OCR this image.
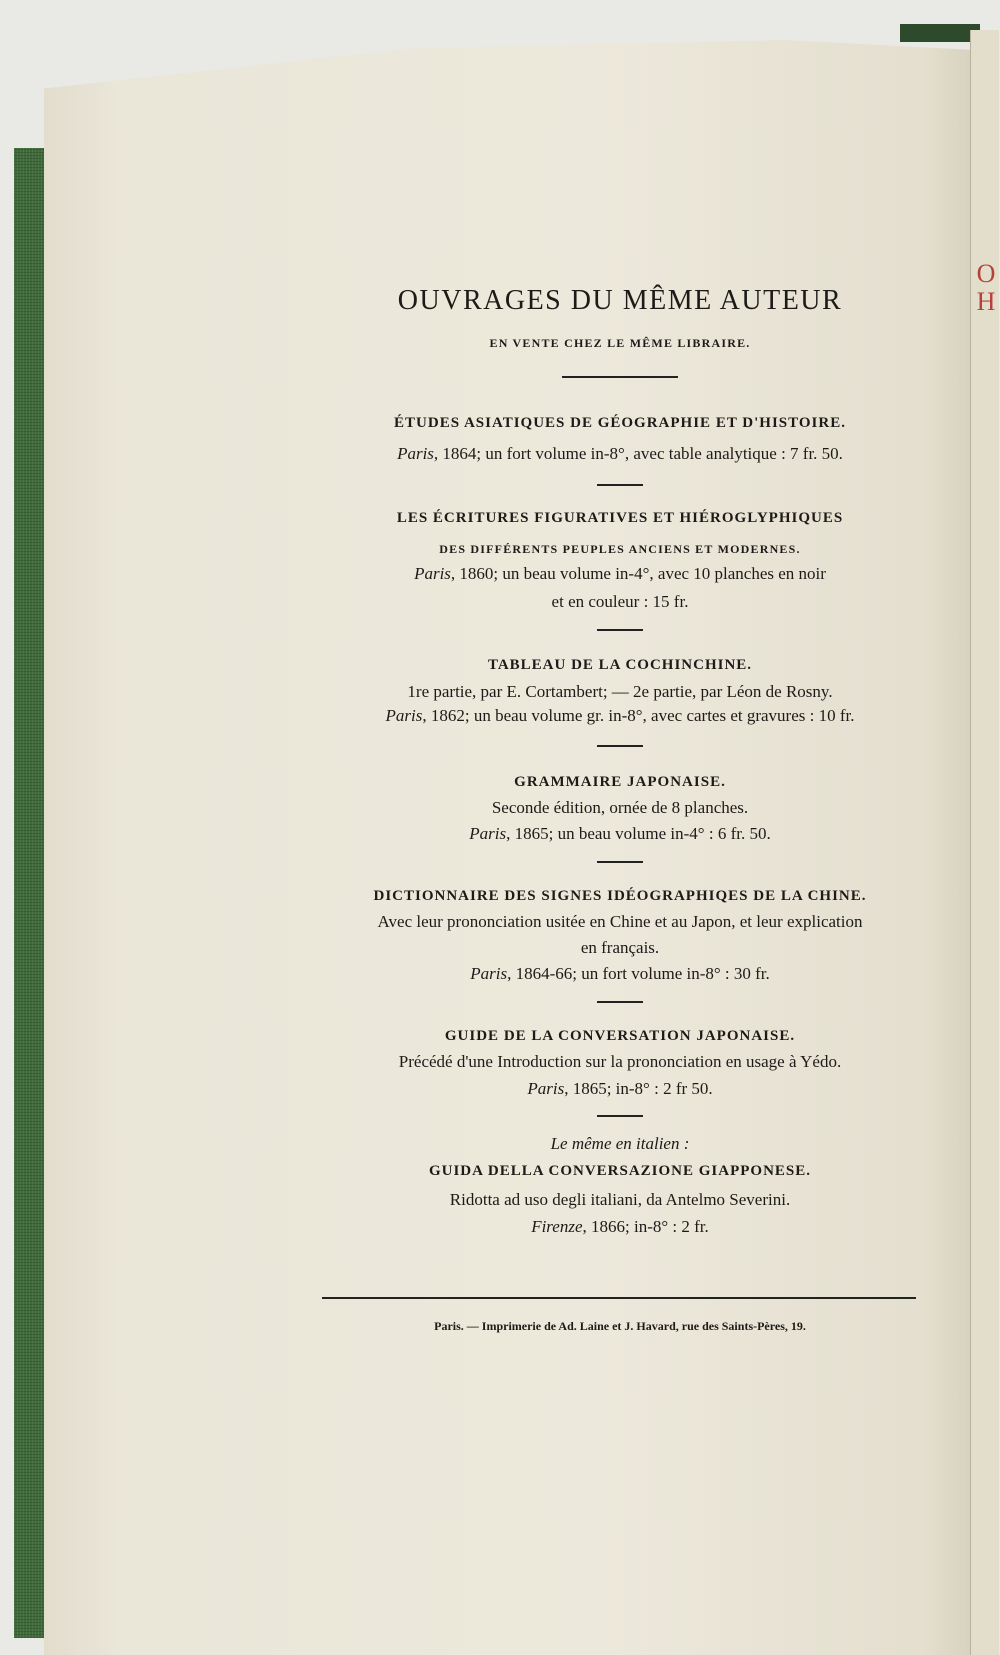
OH
OUVRAGES DU MÊME AUTEUR
EN VENTE CHEZ LE MÊME LIBRAIRE.
ÉTUDES ASIATIQUES DE GÉOGRAPHIE ET D'HISTOIRE.
Paris, 1864; un fort volume in-8°, avec table analytique : 7 fr. 50.
LES ÉCRITURES FIGURATIVES ET HIÉROGLYPHIQUES
DES DIFFÉRENTS PEUPLES ANCIENS ET MODERNES.
Paris, 1860; un beau volume in-4°, avec 10 planches en noir
et en couleur : 15 fr.
TABLEAU DE LA COCHINCHINE.
1re partie, par E. Cortambert; — 2e partie, par Léon de Rosny.
Paris, 1862; un beau volume gr. in-8°, avec cartes et gravures : 10 fr.
GRAMMAIRE JAPONAISE.
Seconde édition, ornée de 8 planches.
Paris, 1865; un beau volume in-4° : 6 fr. 50.
DICTIONNAIRE DES SIGNES IDÉOGRAPHIQES DE LA CHINE.
Avec leur prononciation usitée en Chine et au Japon, et leur explication
en français.
Paris, 1864-66; un fort volume in-8° : 30 fr.
GUIDE DE LA CONVERSATION JAPONAISE.
Précédé d'une Introduction sur la prononciation en usage à Yédo.
Paris, 1865; in-8° : 2 fr 50.
Le même en italien :
GUIDA DELLA CONVERSAZIONE GIAPPONESE.
Ridotta ad uso degli italiani, da Antelmo Severini.
Firenze, 1866; in-8° : 2 fr.
Paris. — Imprimerie de Ad. Laine et J. Havard, rue des Saints-Pères, 19.
